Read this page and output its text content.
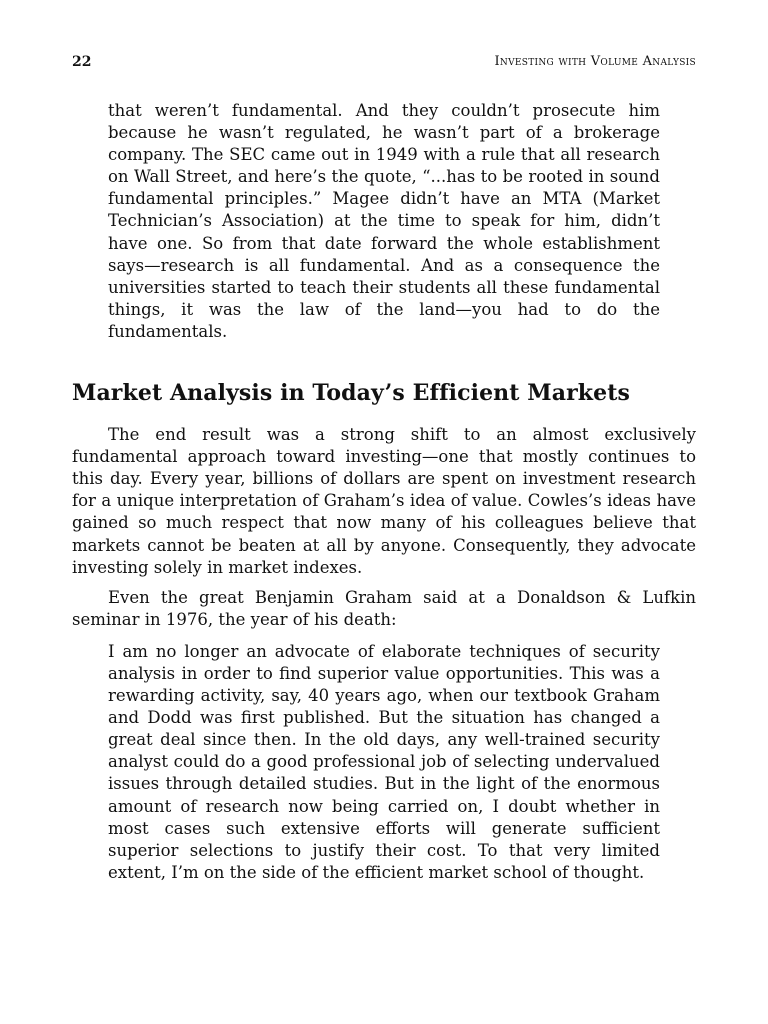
22	Investing with Volume Analysis

that weren’t fundamental. And they couldn’t prosecute him because he wasn’t regulated, he wasn’t part of a brokerage company. The SEC came out in 1949 with a rule that all research on Wall Street, and here’s the quote, “...has to be rooted in sound fundamental principles.” Magee didn’t have an MTA (Market Technician’s Association) at the time to speak for him, didn’t have one. So from that date forward the whole establishment says—research is all fundamental. And as a consequence the universities started to teach their students all these fundamental things, it was the law of the land—you had to do the fundamentals.

Market Analysis in Today’s Efficient Markets

The end result was a strong shift to an almost exclusively fundamental approach toward investing—one that mostly continues to this day. Every year, billions of dollars are spent on investment research for a unique interpretation of Graham’s idea of value. Cowles’s ideas have gained so much respect that now many of his colleagues believe that markets cannot be beaten at all by anyone. Consequently, they advocate investing solely in market indexes.

Even the great Benjamin Graham said at a Donaldson & Lufkin seminar in 1976, the year of his death:

I am no longer an advocate of elaborate techniques of security analysis in order to find superior value opportunities. This was a rewarding activity, say, 40 years ago, when our textbook Graham and Dodd was first published. But the situation has changed a great deal since then. In the old days, any well-trained security analyst could do a good professional job of selecting undervalued issues through detailed studies. But in the light of the enormous amount of research now being carried on, I doubt whether in most cases such extensive efforts will generate sufficient superior selections to justify their cost. To that very limited extent, I’m on the side of the efficient market school of thought.
